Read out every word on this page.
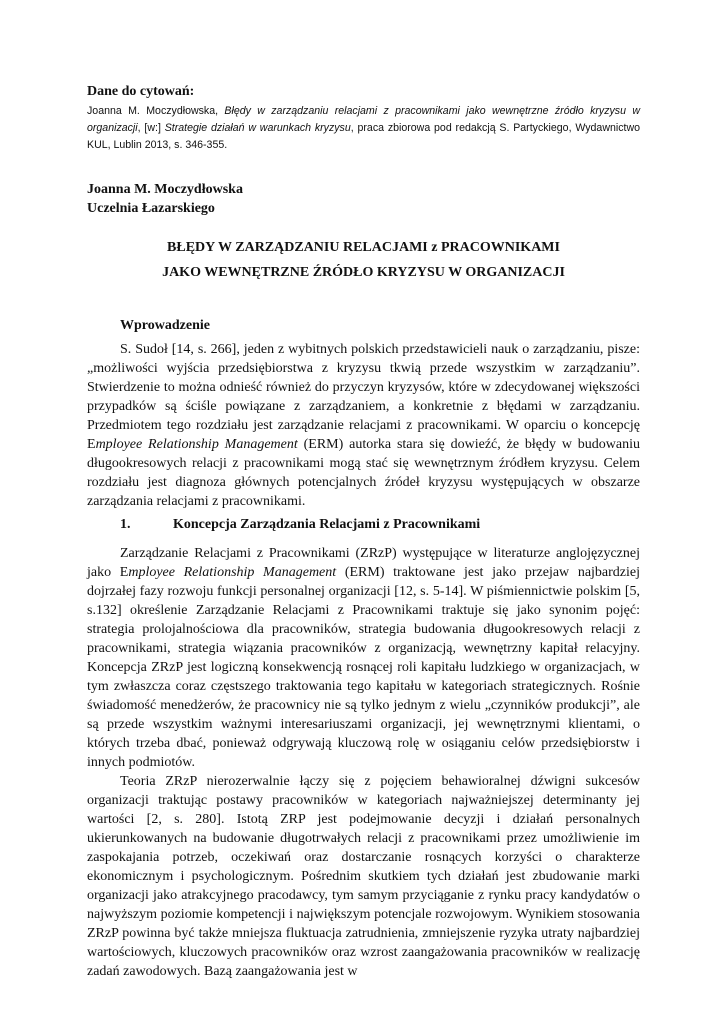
Dane do cytowań:

Joanna M. Moczydłowska, Błędy w zarządzaniu relacjami z pracownikami jako wewnętrzne źródło kryzysu w organizacji, [w:] Strategie działań w warunkach kryzysu, praca zbiorowa pod redakcją S. Partyckiego, Wydawnictwo KUL, Lublin 2013, s. 346-355.

Joanna M. Moczydłowska
Uczelnia Łazarskiego
BŁĘDY W ZARZĄDZANIU RELACJAMI z PRACOWNIKAMI
JAKO WEWNĘTRZNE ŹRÓDŁO KRYZYSU W ORGANIZACJI
Wprowadzenie

S. Sudoł [14, s. 266], jeden z wybitnych polskich przedstawicieli nauk o zarządzaniu, pisze: „możliwości wyjścia przedsiębiorstwa z kryzysu tkwią przede wszystkim w zarządzaniu”. Stwierdzenie to można odnieść również do przyczyn kryzysów, które w zdecydowanej większości przypadków są ściśle powiązane z zarządzaniem, a konkretnie z błędami w zarządzaniu. Przedmiotem tego rozdziału jest zarządzanie relacjami z pracownikami. W oparciu o koncepcję Employee Relationship Management (ERM) autorka stara się dowieźć, że błędy w budowaniu długookresowych relacji z pracownikami mogą stać się wewnętrznym źródłem kryzysu. Celem rozdziału jest diagnoza głównych potencjalnych źródeł kryzysu występujących w obszarze zarządzania relacjami z pracownikami.

1.	Koncepcja Zarządzania Relacjami z Pracownikami

Zarządzanie Relacjami z Pracownikami (ZRzP) występujące w literaturze anglojęzycznej jako Employee Relationship Management (ERM) traktowane jest jako przejaw najbardziej dojrzałej fazy rozwoju funkcji personalnej organizacji [12, s. 5-14]. W piśmiennictwie polskim [5, s.132] określenie Zarządzanie Relacjami z Pracownikami traktuje się jako synonim pojęć: strategia prolojalnościowa dla pracowników, strategia budowania długookresowych relacji z pracownikami, strategia wiązania pracowników z organizacją, wewnętrzny kapitał relacyjny. Koncepcja ZRzP jest logiczną konsekwencją rosnącej roli kapitału ludzkiego w organizacjach, w tym zwłaszcza coraz częstszego traktowania tego kapitału w kategoriach strategicznych. Rośnie świadomość menedżerów, że pracownicy nie są tylko jednym z wielu „czynników produkcji”, ale są przede wszystkim ważnymi interesariuszami organizacji, jej wewnętrznymi klientami, o których trzeba dbać, ponieważ odgrywają kluczową rolę w osiąganiu celów przedsiębiorstw i innych podmiotów.

Teoria ZRzP nierozerwalnie łączy się z pojęciem behawioralnej dźwigni sukcesów organizacji traktując postawy pracowników w kategoriach najważniejszej determinanty jej wartości [2, s. 280]. Istotą ZRP jest podejmowanie decyzji i działań personalnych ukierunkowanych na budowanie długotrwałych relacji z pracownikami przez umożliwienie im zaspokajania potrzeb, oczekiwań oraz dostarczanie rosnących korzyści o charakterze ekonomicznym i psychologicznym. Pośrednim skutkiem tych działań jest zbudowanie marki organizacji jako atrakcyjnego pracodawcy, tym samym przyciąganie z rynku pracy kandydatów o najwyższym poziomie kompetencji i największym potencjale rozwojowym. Wynikiem stosowania ZRzP powinna być także mniejsza fluktuacja zatrudnienia, zmniejszenie ryzyka utraty najbardziej wartościowych, kluczowych pracowników oraz wzrost zaangażowania pracowników w realizację zadań zawodowych. Bazą zaangażowania jest w
